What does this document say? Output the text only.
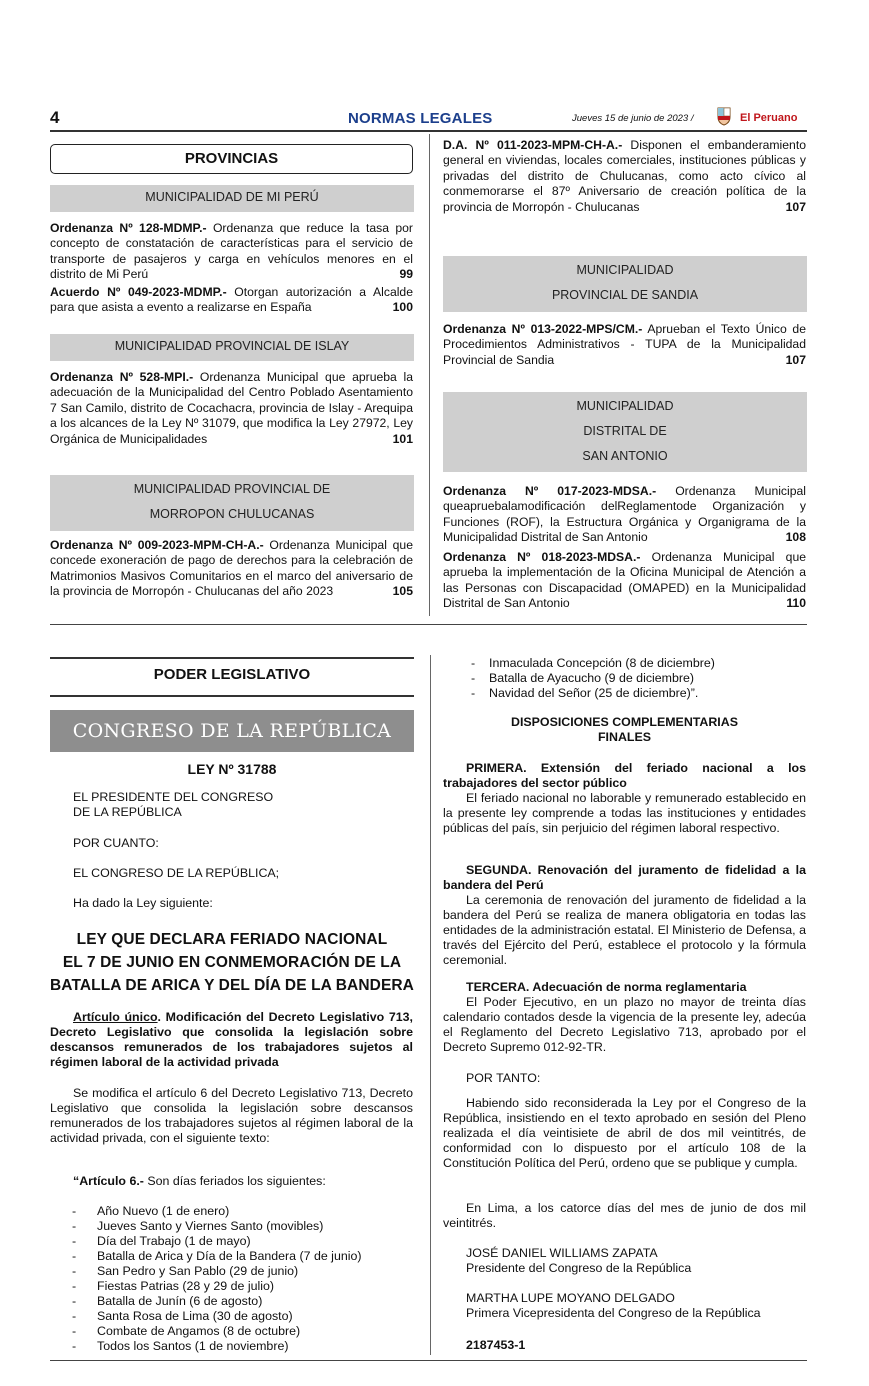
4	NORMAS LEGALES	Jueves 15 de junio de 2023 /	El Peruano
PROVINCIAS
MUNICIPALIDAD DE MI PERÚ
Ordenanza Nº 128-MDMP.- Ordenanza que reduce la tasa por concepto de constatación de características para el servicio de transporte de pasajeros y carga en vehículos menores en el distrito de Mi Perú	99
Acuerdo Nº 049-2023-MDMP.- Otorgan autorización a Alcalde para que asista a evento a realizarse en España	100
MUNICIPALIDAD PROVINCIAL DE ISLAY
Ordenanza Nº 528-MPI.- Ordenanza Municipal que aprueba la adecuación de la Municipalidad del Centro Poblado Asentamiento 7 San Camilo, distrito de Cocachacra, provincia de Islay - Arequipa a los alcances de la Ley Nº 31079, que modifica la Ley 27972, Ley Orgánica de Municipalidades	101
MUNICIPALIDAD PROVINCIAL DE
MORROPON CHULUCANAS
Ordenanza Nº 009-2023-MPM-CH-A.- Ordenanza Municipal que concede exoneración de pago de derechos para la celebración de Matrimonios Masivos Comunitarios en el marco del aniversario de la provincia de Morropón - Chulucanas del año 2023	105
D.A. Nº 011-2023-MPM-CH-A.- Disponen el embanderamiento general en viviendas, locales comerciales, instituciones públicas y privadas del distrito de Chulucanas, como acto cívico al conmemorarse el 87º Aniversario de creación política de la provincia de Morropón - Chulucanas	107
MUNICIPALIDAD
PROVINCIAL DE SANDIA
Ordenanza Nº 013-2022-MPS/CM.- Aprueban el Texto Único de Procedimientos Administrativos - TUPA de la Municipalidad Provincial de Sandia	107
MUNICIPALIDAD
DISTRITAL DE
SAN ANTONIO
Ordenanza Nº 017-2023-MDSA.- Ordenanza Municipal queapruebalamodificación delReglamentode Organización y Funciones (ROF), la Estructura Orgánica y Organigrama de la Municipalidad Distrital de San Antonio	108
Ordenanza Nº 018-2023-MDSA.- Ordenanza Municipal que aprueba la implementación de la Oficina Municipal de Atención a las Personas con Discapacidad (OMAPED) en la Municipalidad Distrital de San Antonio	110
PODER LEGISLATIVO
CONGRESO DE LA REPÚBLICA
LEY Nº 31788
EL PRESIDENTE DEL CONGRESO
DE LA REPÚBLICA
POR CUANTO:
EL CONGRESO DE LA REPÚBLICA;
Ha dado la Ley siguiente:
LEY QUE DECLARA FERIADO NACIONAL
EL 7 DE JUNIO EN CONMEMORACIÓN DE LA
BATALLA DE ARICA Y DEL DÍA DE LA BANDERA
Artículo único. Modificación del Decreto Legislativo 713, Decreto Legislativo que consolida la legislación sobre descansos remunerados de los trabajadores sujetos al régimen laboral de la actividad privada
Se modifica el artículo 6 del Decreto Legislativo 713, Decreto Legislativo que consolida la legislación sobre descansos remunerados de los trabajadores sujetos al régimen laboral de la actividad privada, con el siguiente texto:
“Artículo 6.- Son días feriados los siguientes:
- Año Nuevo (1 de enero)
- Jueves Santo y Viernes Santo (movibles)
- Día del Trabajo (1 de mayo)
- Batalla de Arica y Día de la Bandera (7 de junio)
- San Pedro y San Pablo (29 de junio)
- Fiestas Patrias (28 y 29 de julio)
- Batalla de Junín (6 de agosto)
- Santa Rosa de Lima (30 de agosto)
- Combate de Angamos (8 de octubre)
- Todos los Santos (1 de noviembre)
- Inmaculada Concepción (8 de diciembre)
- Batalla de Ayacucho (9 de diciembre)
- Navidad del Señor (25 de diciembre)”.
DISPOSICIONES COMPLEMENTARIAS
FINALES
PRIMERA. Extensión del feriado nacional a los trabajadores del sector público
El feriado nacional no laborable y remunerado establecido en la presente ley comprende a todas las instituciones y entidades públicas del país, sin perjuicio del régimen laboral respectivo.
SEGUNDA. Renovación del juramento de fidelidad a la bandera del Perú
La ceremonia de renovación del juramento de fidelidad a la bandera del Perú se realiza de manera obligatoria en todas las entidades de la administración estatal. El Ministerio de Defensa, a través del Ejército del Perú, establece el protocolo y la fórmula ceremonial.
TERCERA. Adecuación de norma reglamentaria
El Poder Ejecutivo, en un plazo no mayor de treinta días calendario contados desde la vigencia de la presente ley, adecúa el Reglamento del Decreto Legislativo 713, aprobado por el Decreto Supremo 012-92-TR.
POR TANTO:
Habiendo sido reconsiderada la Ley por el Congreso de la República, insistiendo en el texto aprobado en sesión del Pleno realizada el día veintisiete de abril de dos mil veintitrés, de conformidad con lo dispuesto por el artículo 108 de la Constitución Política del Perú, ordeno que se publique y cumpla.
En Lima, a los catorce días del mes de junio de dos mil veintitrés.
JOSÉ DANIEL WILLIAMS ZAPATA
Presidente del Congreso de la República
MARTHA LUPE MOYANO DELGADO
Primera Vicepresidenta del Congreso de la República
2187453-1
